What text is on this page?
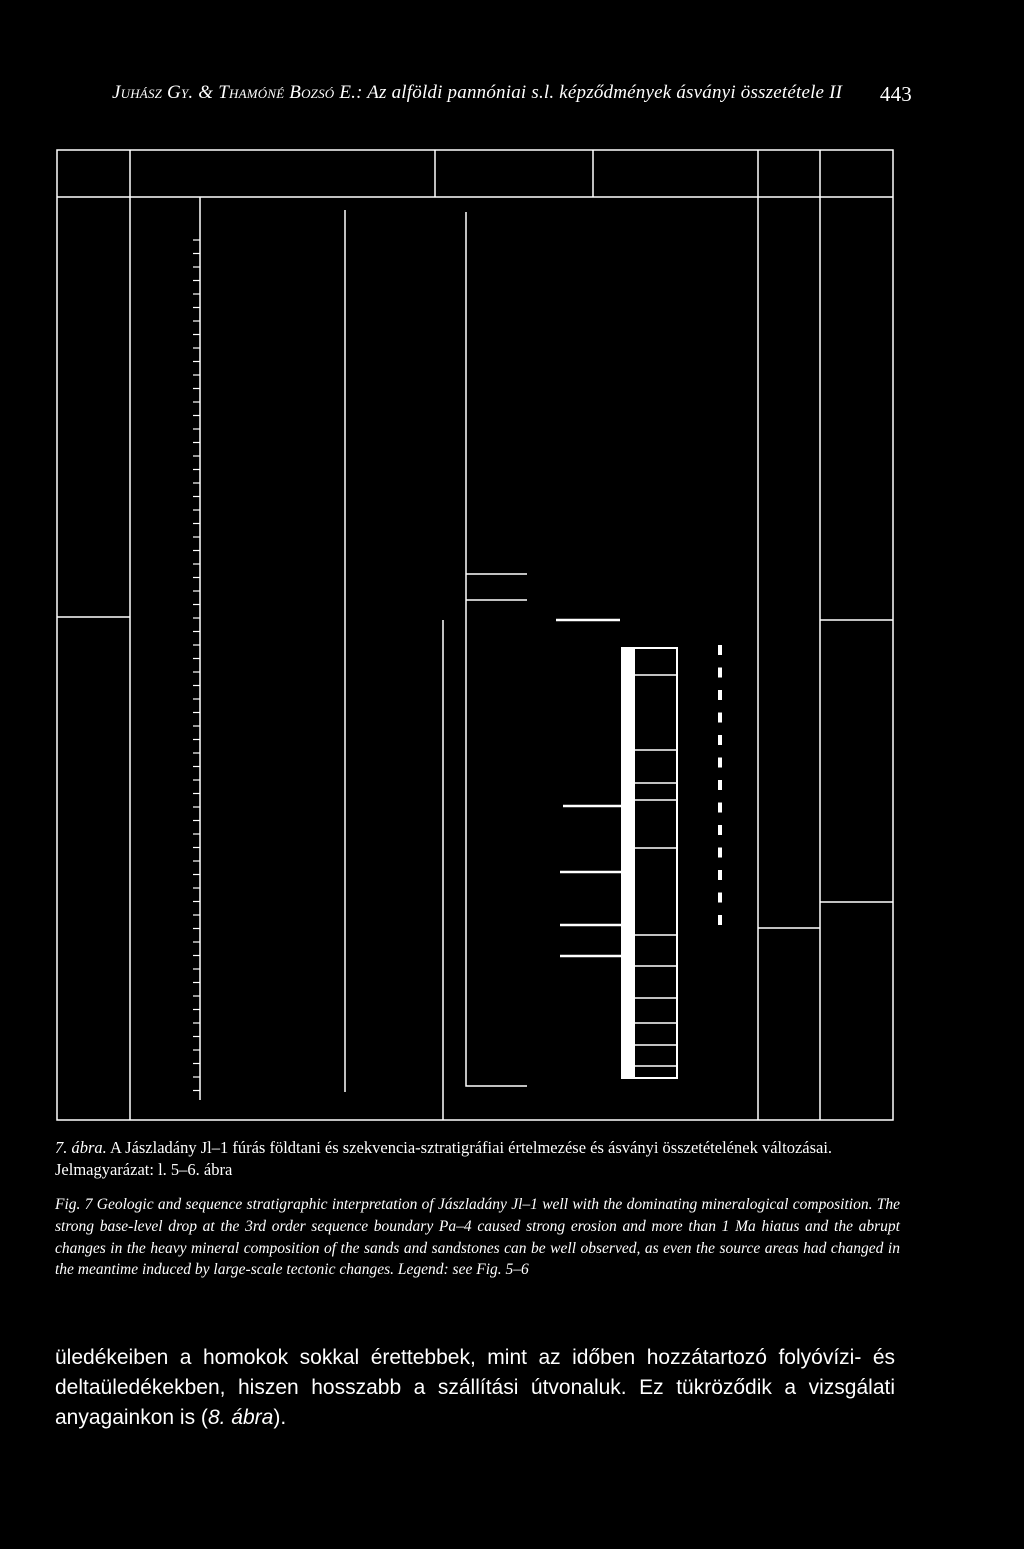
Juhász Gy. & Thamóné Bozsó E.: Az alföldi pannóniai s.l. képződmények ásványi összetétele II 443
7. ábra. A Jászladány Jl–1 fúrás földtani és szekvencia-sztratigráfiai értelmezése és ásványi összetételének változásai. Jelmagyarázat: l. 5–6. ábra
Fig. 7 Geologic and sequence stratigraphic interpretation of Jászladány Jl–1 well with the dominating mineralogical composition. The strong base-level drop at the 3rd order sequence boundary Pa–4 caused strong erosion and more than 1 Ma hiatus and the abrupt changes in the heavy mineral composition of the sands and sandstones can be well observed, as even the source areas had changed in the meantime induced by large-scale tectonic changes. Legend: see Fig. 5–6
üledékeiben a homokok sokkal érettebbek, mint az időben hozzátartozó folyóvízi- és deltaüledékekben, hiszen hosszabb a szállítási útvonaluk. Ez tükröződik a vizsgálati anyagainkon is (8. ábra).
